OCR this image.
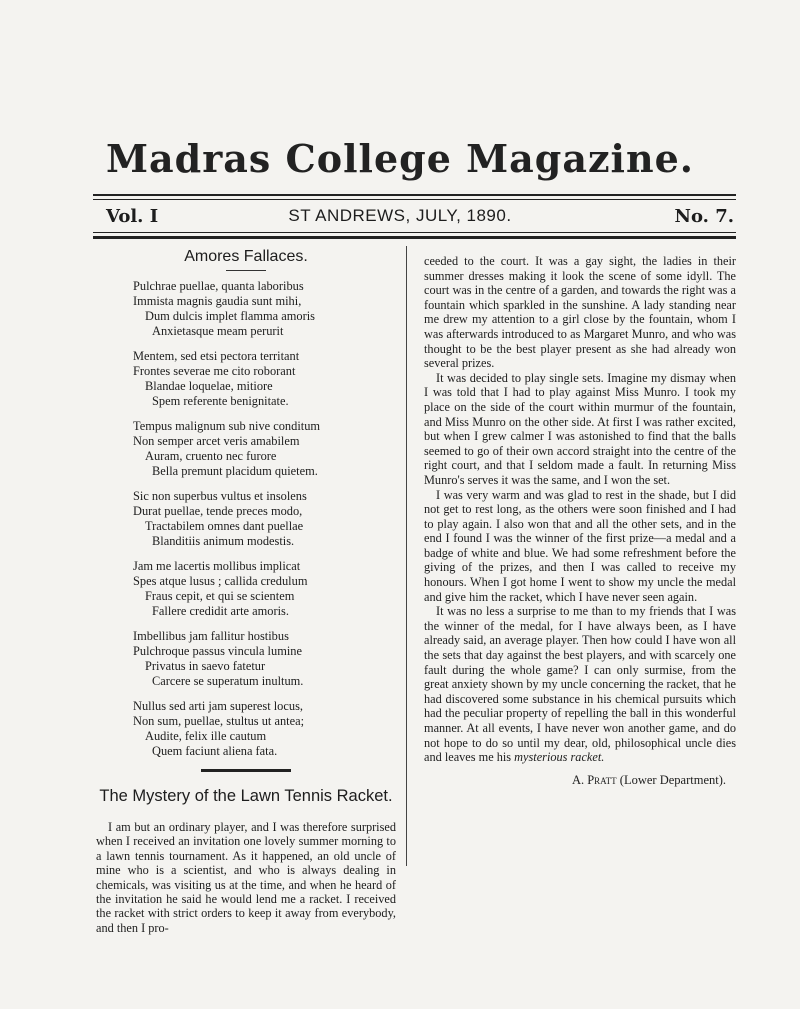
Madras College Magazine.
Vol. I	ST ANDREWS, JULY, 1890.	No. 7.
Amores Fallaces.
Pulchrae puellae, quanta laboribus
Immista magnis gaudia sunt mihi,
Dum dulcis implet flamma amoris
Anxietasque meam perurit
Mentem, sed etsi pectora territant
Frontes severae me cito roborant
Blandae loquelae, mitiore
Spem referente benignitate.
Tempus malignum sub nive conditum
Non semper arcet veris amabilem
Auram, cruento nec furore
Bella premunt placidum quietem.
Sic non superbus vultus et insolens
Durat puellae, tende preces modo,
Tractabilem omnes dant puellae
Blanditiis animum modestis.
Jam me lacertis mollibus implicat
Spes atque lusus ; callida credulum
Fraus cepit, et qui se scientem
Fallere credidit arte amoris.
Imbellibus jam fallitur hostibus
Pulchroque passus vincula lumine
Privatus in saevo fatetur
Carcere se superatum inultum.
Nullus sed arti jam superest locus,
Non sum, puellae, stultus ut antea;
Audite, felix ille cautum
Quem faciunt aliena fata.
The Mystery of the Lawn Tennis Racket.
I am but an ordinary player, and I was therefore surprised when I received an invitation one lovely summer morning to a lawn tennis tournament. As it happened, an old uncle of mine who is a scientist, and who is always dealing in chemicals, was visiting us at the time, and when he heard of the invitation he said he would lend me a racket. I received the racket with strict orders to keep it away from everybody, and then I pro-
ceeded to the court. It was a gay sight, the ladies in their summer dresses making it look the scene of some idyll. The court was in the centre of a garden, and towards the right was a fountain which sparkled in the sunshine. A lady standing near me drew my attention to a girl close by the fountain, whom I was afterwards introduced to as Margaret Munro, and who was thought to be the best player present as she had already won several prizes.
It was decided to play single sets. Imagine my dismay when I was told that I had to play against Miss Munro. I took my place on the side of the court within murmur of the fountain, and Miss Munro on the other side. At first I was rather excited, but when I grew calmer I was astonished to find that the balls seemed to go of their own accord straight into the centre of the right court, and that I seldom made a fault. In returning Miss Munro's serves it was the same, and I won the set.
I was very warm and was glad to rest in the shade, but I did not get to rest long, as the others were soon finished and I had to play again. I also won that and all the other sets, and in the end I found I was the winner of the first prize—a medal and a badge of white and blue. We had some refreshment before the giving of the prizes, and then I was called to receive my honours. When I got home I went to show my uncle the medal and give him the racket, which I have never seen again.
It was no less a surprise to me than to my friends that I was the winner of the medal, for I have always been, as I have already said, an average player. Then how could I have won all the sets that day against the best players, and with scarcely one fault during the whole game? I can only surmise, from the great anxiety shown by my uncle concerning the racket, that he had discovered some substance in his chemical pursuits which had the peculiar property of repelling the ball in this wonderful manner. At all events, I have never won another game, and do not hope to do so until my dear, old, philosophical uncle dies and leaves me his mysterious racket.
A. Pratt (Lower Department).
